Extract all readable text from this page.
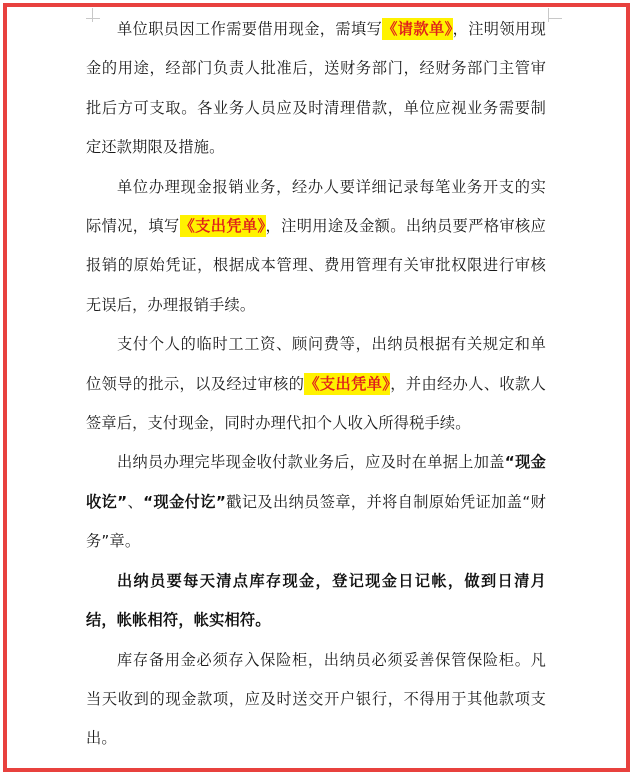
单位职员因工作需要借用现金，需填写《请款单》，注明领用现金的用途，经部门负责人批准后，送财务部门，经财务部门主管审批后方可支取。各业务人员应及时清理借款，单位应视业务需要制定还款期限及措施。

单位办理现金报销业务，经办人要详细记录每笔业务开支的实际情况，填写《支出凭单》，注明用途及金额。出纳员要严格审核应报销的原始凭证，根据成本管理、费用管理有关审批权限进行审核无误后，办理报销手续。

支付个人的临时工工资、顾问费等，出纳员根据有关规定和单位领导的批示，以及经过审核的《支出凭单》，并由经办人、收款人签章后，支付现金，同时办理代扣个人收入所得税手续。

出纳员办理完毕现金收付款业务后，应及时在单据上加盖“现金收讫”、“现金付讫”戳记及出纳员签章，并将自制原始凭证加盖“财务”章。

出纳员要每天清点库存现金，登记现金日记帐，做到日清月结，帐帐相符，帐实相符。

库存备用金必须存入保险柜，出纳员必须妥善保管保险柜。凡当天收到的现金款项，应及时送交开户银行，不得用于其他款项支出。
